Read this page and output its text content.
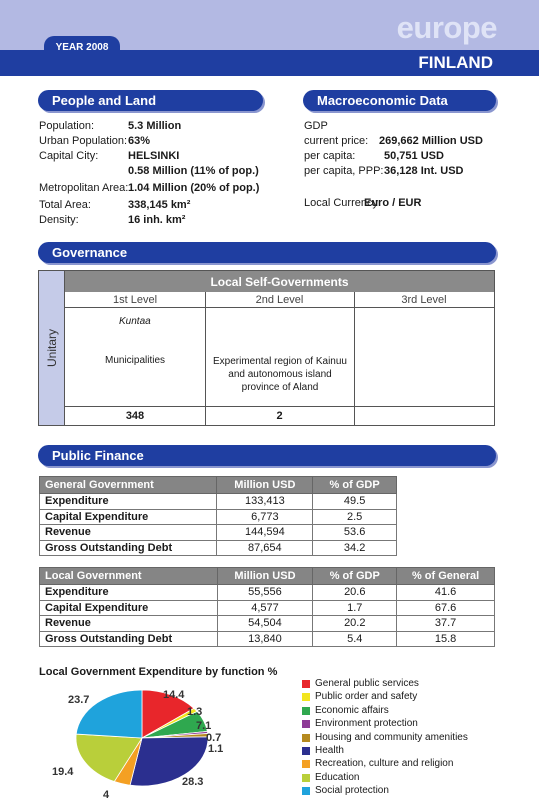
YEAR 2008
europe
FINLAND
People and Land
Population:	5.3 Million
Urban Population: 63%
Capital City:	HELSINKI
0.58 Million (11% of pop.)
Metropolitan Area: 1.04 Million (20% of pop.)
Total Area:	338,145 km²
Density:	16 inh. km²
Macroeconomic Data
GDP
current price: 269,662 Million USD
per capita:	50,751 USD
per capita, PPP: 36,128 Int. USD
Local Currency:
Euro / EUR
Governance
Unitary
Local Self-Governments
1st Level	2nd Level	3rd Level
Kuntaa
Municipalities	Experimental region of Kainuu and autonomous island province of Aland
348	2
Public Finance
General Government	Million USD	% of GDP
Expenditure	133,413	49.5
Capital Expenditure	6,773	2.5
Revenue	144,594	53.6
Gross Outstanding Debt	87,654	34.2
Local Government	Million USD	% of GDP	% of General
Expenditure	55,556	20.6	41.6
Capital Expenditure	4,577	1.7	67.6
Revenue	54,504	20.2	37.7
Gross Outstanding Debt	13,840	5.4	15.8
Local Government Expenditure by function %
14.4
1.3
7.1
0.7
1.1
28.3
4
19.4
23.7
General public services
Public order and safety
Economic affairs
Environment protection
Housing and community amenities
Health
Recreation, culture and religion
Education
Social protection
